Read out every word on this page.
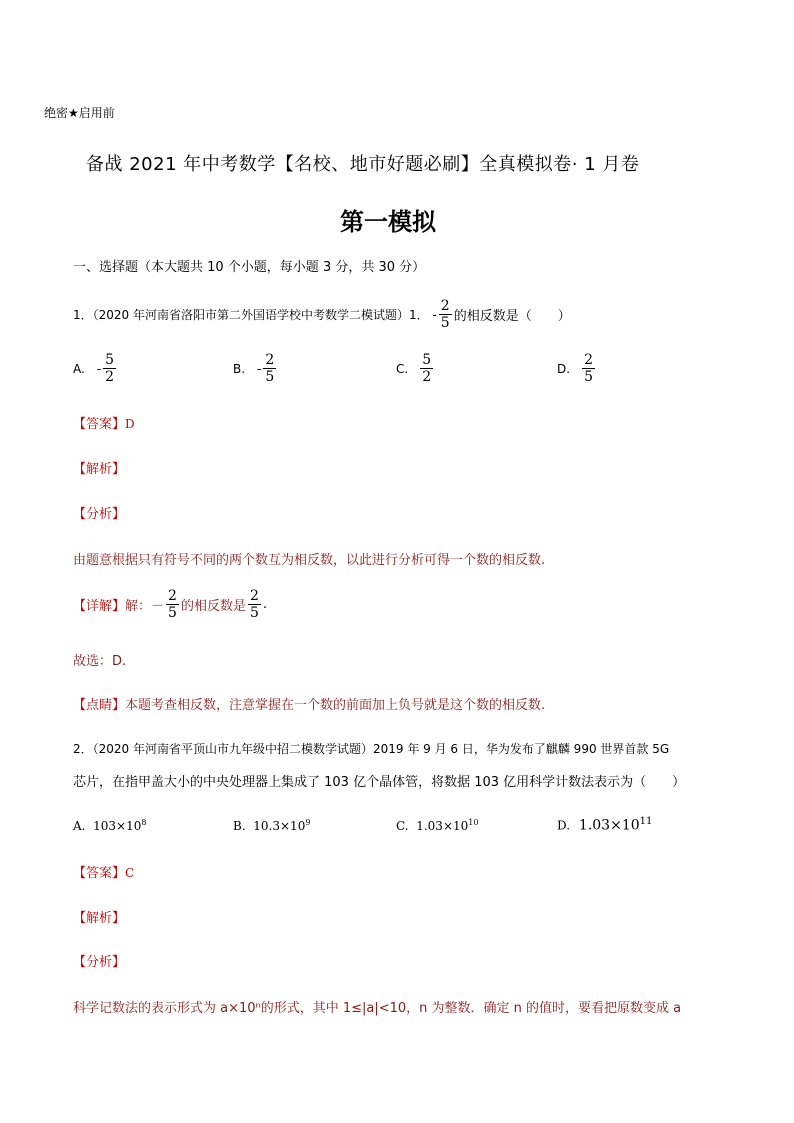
绝密★启用前
备战 2021 年中考数学【名校、地市好题必刷】全真模拟卷· 1 月卷
第一模拟
一、选择题（本大题共 10 个小题，每小题 3 分，共 30 分）
1．（2020 年河南省洛阳市第二外国语学校中考数学二模试题）1． - $\frac{2}{5}$ 的相反数是（　　）
A. - $\frac{5}{2}$	B. - $\frac{2}{5}$	C. $\frac{5}{2}$	D. $\frac{2}{5}$
【答案】D
【解析】
【分析】
由题意根据只有符号不同的两个数互为相反数，以此进行分析可得一个数的相反数.
【详解】 解：－ $\frac{2}{5}$ 的相反数是 $\frac{2}{5}$ .
故选：D.
【点睛】本题考查相反数，注意掌握在一个数的前面加上负号就是这个数的相反数.
2．（2020 年河南省平顶山市九年级中招二模数学试题）2019 年 9 月 6 日，华为发布了麒麟 990 世界首款 5G
芯片，在指甲盖大小的中央处理器上集成了 103 亿个晶体管，将数据 103 亿用科学计数法表示为（　　）
A. $103\times 10^8$	B. $10.3\times 10^9$	C. $1.03\times 10^{10}$	D. $1.03\times 10^{11}$
【答案】C
【解析】
【分析】
科学记数法的表示形式为 a×10ⁿ的形式，其中 1≤|a|<10，n 为整数．确定 n 的值时，要看把原数变成 a
